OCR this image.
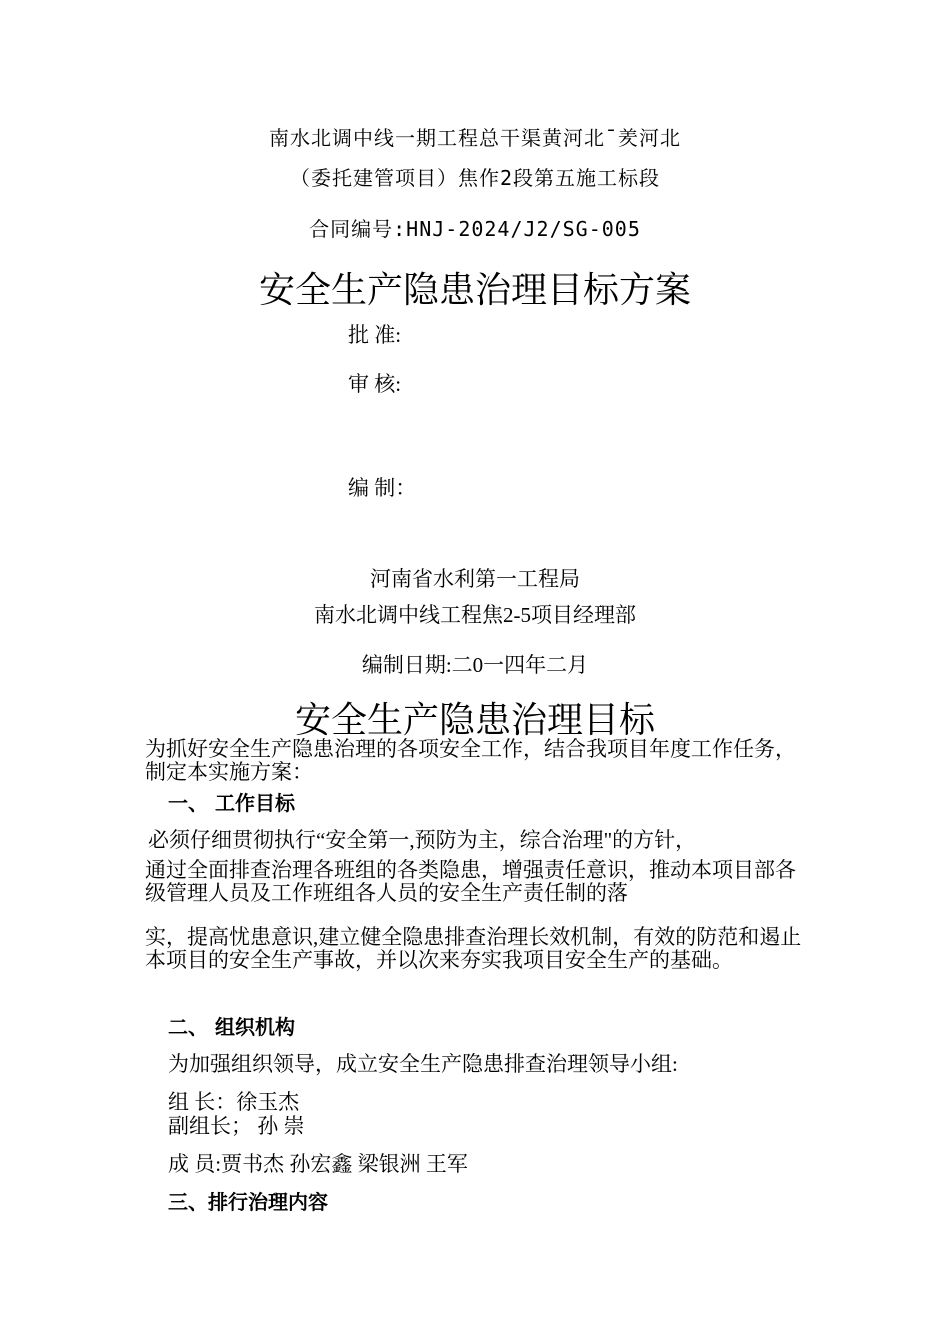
南水北调中线一期工程总干渠黄河北¯羑河北
（委托建管项目）焦作2段第五施工标段
合同编号:HNJ-2024/J2/SG-005
安全生产隐患治理目标方案
批 准:
审 核:
编 制：
河南省水利第一工程局
南水北调中线工程焦2-5项目经理部
编制日期:二0一四年二月
安全生产隐患治理目标
为抓好安全生产隐患治理的各项安全工作，结合我项目年度工作任务，制定本实施方案：
一、 工作目标
必须仔细贯彻执行“安全第一,预防为主，综合治理"的方针，
通过全面排查治理各班组的各类隐患，增强责任意识，推动本项目部各级管理人员及工作班组各人员的安全生产责任制的落
实，提高忧患意识,建立健全隐患排查治理长效机制，有效的防范和遏止本项目的安全生产事故，并以次来夯实我项目安全生产的基础。
二、 组织机构
为加强组织领导，成立安全生产隐患排查治理领导小组:
组 长：徐玉杰
副组长； 孙 崇
成 员:贾书杰 孙宏鑫 梁银洲 王军
三、排行治理内容
